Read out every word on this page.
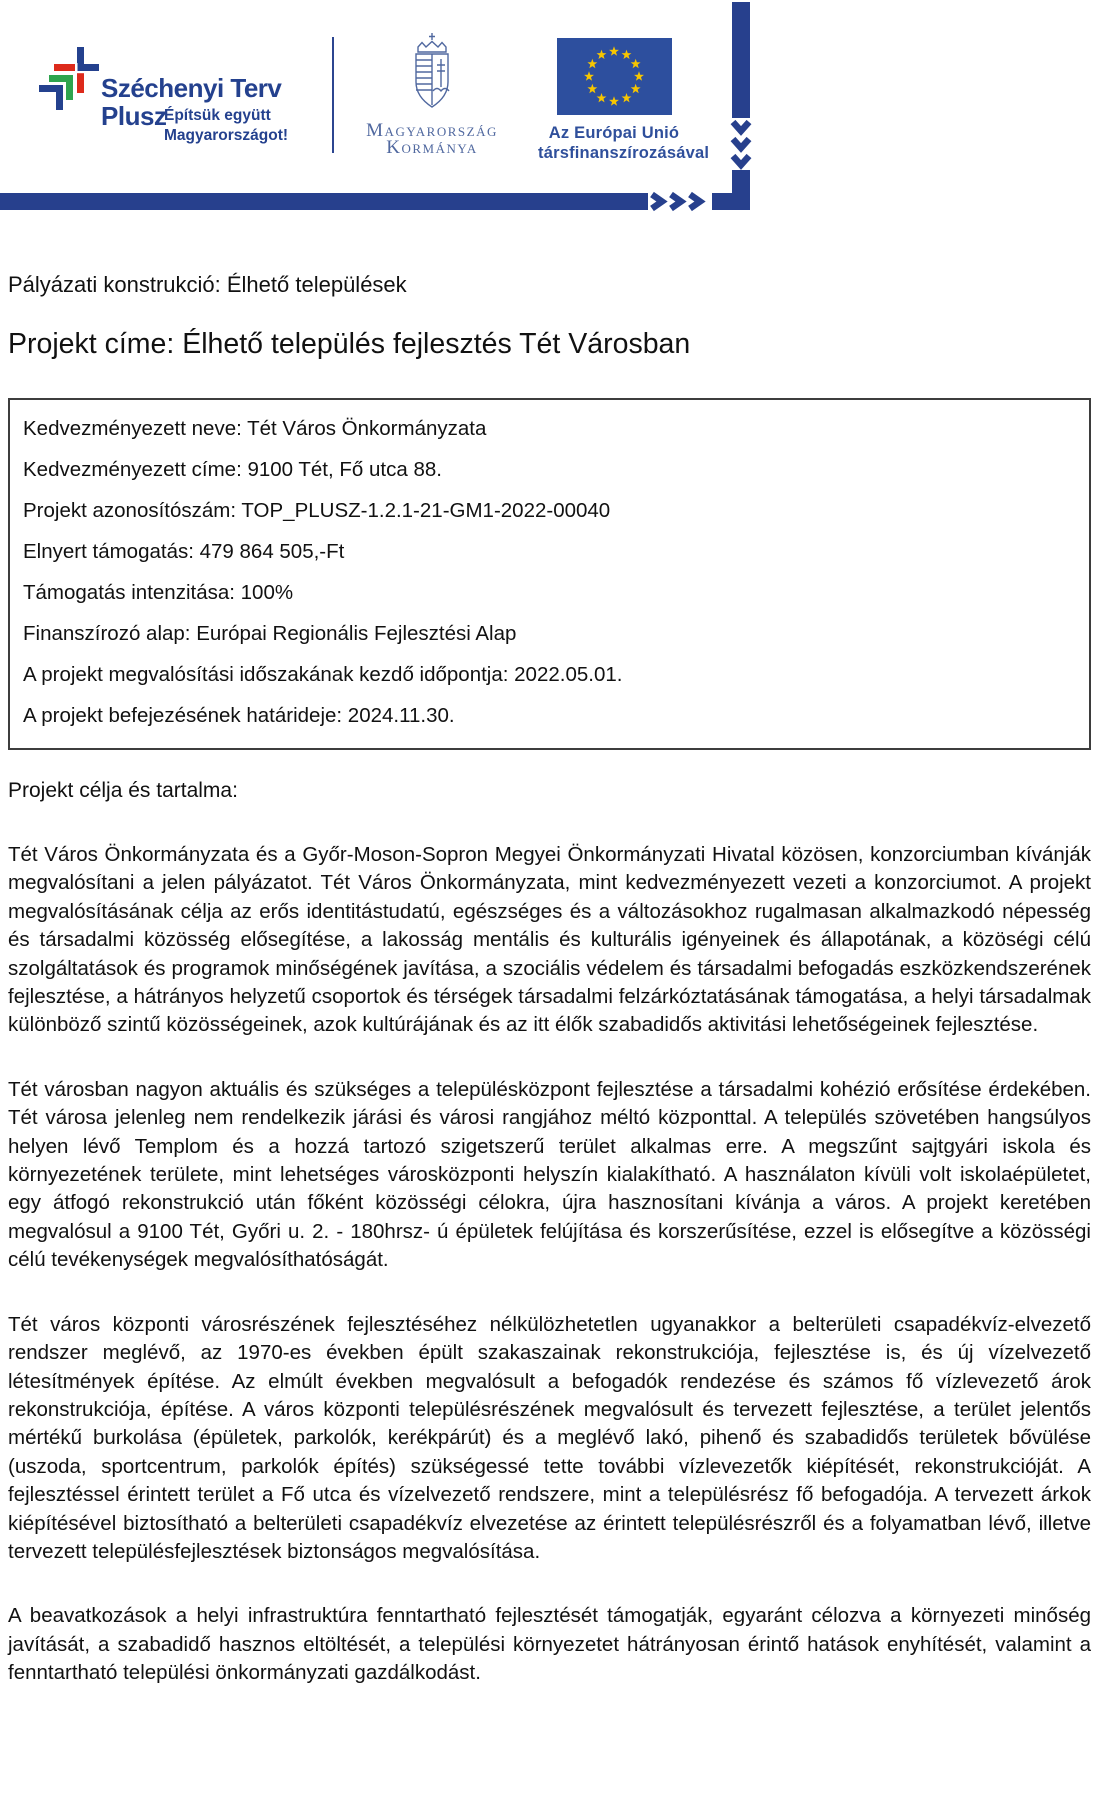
Széchenyi Terv
Plusz
Építsük együtt
Magyarországot!	Magyarország
Kormánya
Az Európai Unió
társfinanszírozásával
Pályázati konstrukció: Élhető települések
Projekt címe: Élhető település fejlesztés Tét Városban
Kedvezményezett neve: Tét Város Önkormányzata
Kedvezményezett címe: 9100 Tét, Fő utca 88.
Projekt azonosítószám: TOP_PLUSZ-1.2.1-21-GM1-2022-00040
Elnyert támogatás: 479 864 505,-Ft
Támogatás intenzitása: 100%
Finanszírozó alap: Európai Regionális Fejlesztési Alap
A projekt megvalósítási időszakának kezdő időpontja: 2022.05.01.
A projekt befejezésének határideje: 2024.11.30.

Projekt célja és tartalma:

Tét Város Önkormányzata és a Győr-Moson-Sopron Megyei Önkormányzati Hivatal közösen, konzorciumban kívánják megvalósítani a jelen pályázatot. Tét Város Önkormányzata, mint kedvezményezett vezeti a konzorciumot. A projekt megvalósításának célja az erős identitástudatú, egészséges és a változásokhoz rugalmasan alkalmazkodó népesség és társadalmi közösség elősegítése, a lakosság mentális és kulturális igényeinek és állapotának, a közöségi célú szolgáltatások és programok minőségének javítása, a szociális védelem és társadalmi befogadás eszközkendszerének fejlesztése, a hátrányos helyzetű csoportok és térségek társadalmi felzárkóztatásának támogatása, a helyi társadalmak különböző szintű közösségeinek, azok kultúrájának és az itt élők szabadidős aktivitási lehetőségeinek fejlesztése.

Tét városban nagyon aktuális és szükséges a településközpont fejlesztése a társadalmi kohézió erősítése érdekében. Tét városa jelenleg nem rendelkezik járási és városi rangjához méltó központtal. A település szövetében hangsúlyos helyen lévő Templom és a hozzá tartozó szigetszerű terület alkalmas erre. A megszűnt sajtgyári iskola és környezetének területe, mint lehetséges városközponti helyszín kialakítható. A használaton kívüli volt iskolaépületet, egy átfogó rekonstrukció után főként közösségi célokra, újra hasznosítani kívánja a város. A projekt keretében megvalósul a 9100 Tét, Győri u. 2. - 180hrsz- ú épületek felújítása és korszerűsítése, ezzel is elősegítve a közösségi célú tevékenységek megvalósíthatóságát.

Tét város központi városrészének fejlesztéséhez nélkülözhetetlen ugyanakkor a belterületi csapadékvíz-elvezető rendszer meglévő, az 1970-es években épült szakaszainak rekonstrukciója, fejlesztése is, és új vízelvezető létesítmények építése. Az elmúlt években megvalósult a befogadók rendezése és számos fő vízlevezető árok rekonstrukciója, építése. A város központi településrészének megvalósult és tervezett fejlesztése, a terület jelentős mértékű burkolása (épületek, parkolók, kerékpárút) és a meglévő lakó, pihenő és szabadidős területek bővülése (uszoda, sportcentrum, parkolók építés) szükségessé tette további vízlevezetők kiépítését, rekonstrukcióját. A fejlesztéssel érintett terület a Fő utca és vízelvezető rendszere, mint a településrész fő befogadója. A tervezett árkok kiépítésével biztosítható a belterületi csapadékvíz elvezetése az érintett településrészről és a folyamatban lévő, illetve tervezett településfejlesztések biztonságos megvalósítása.

A beavatkozások a helyi infrastruktúra fenntartható fejlesztését támogatják, egyaránt célozva a környezeti minőség javítását, a szabadidő hasznos eltöltését, a települési környezetet hátrányosan érintő hatások enyhítését, valamint a fenntartható települési önkormányzati gazdálkodást.
